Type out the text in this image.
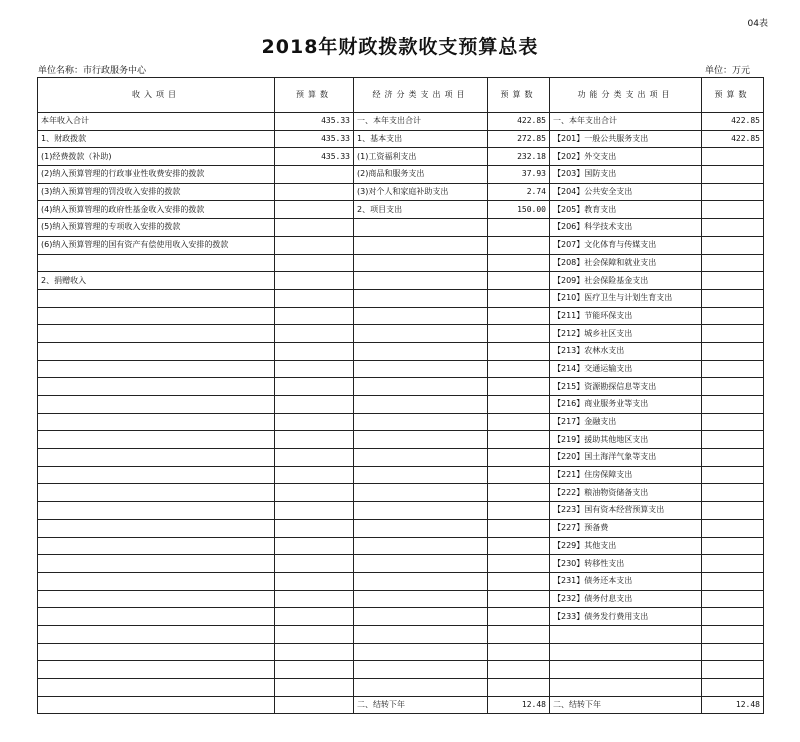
04表
2018年财政拨款收支预算总表
单位名称：市行政服务中心	单位：万元
收入项目	预算数	经济分类支出项目	预算数	功能分类支出项目	预算数
本年收入合计	435.33	一、本年支出合计	422.85	一、本年支出合计	422.85
1、财政拨款	435.33	1、基本支出	272.85	【201】一般公共服务支出	422.85
(1)经费拨款（补助)	435.33	(1)工资福利支出	232.18	【202】外交支出	
(2)纳入预算管理的行政事业性收费安排的拨款		(2)商品和服务支出	37.93	【203】国防支出	
(3)纳入预算管理的罚没收入安排的拨款		(3)对个人和家庭补助支出	2.74	【204】公共安全支出	
(4)纳入预算管理的政府性基金收入安排的拨款		2、项目支出	150.00	【205】教育支出	
(5)纳入预算管理的专项收入安排的拨款				【206】科学技术支出	
(6)纳入预算管理的国有资产有偿使用收入安排的拨款				【207】文化体育与传媒支出	
				【208】社会保障和就业支出	
2、捐赠收入				【209】社会保险基金支出	
				【210】医疗卫生与计划生育支出	
				【211】节能环保支出	
				【212】城乡社区支出	
				【213】农林水支出	
				【214】交通运输支出	
				【215】资源勘探信息等支出	
				【216】商业服务业等支出	
				【217】金融支出	
				【219】援助其他地区支出	
				【220】国土海洋气象等支出	
				【221】住房保障支出	
				【222】粮油物资储备支出	
				【223】国有资本经营预算支出	
				【227】预备费	
				【229】其他支出	
				【230】转移性支出	
				【231】债务还本支出	
				【232】债务付息支出	
				【233】债务发行费用支出	

		二、结转下年	12.48	二、结转下年	12.48
